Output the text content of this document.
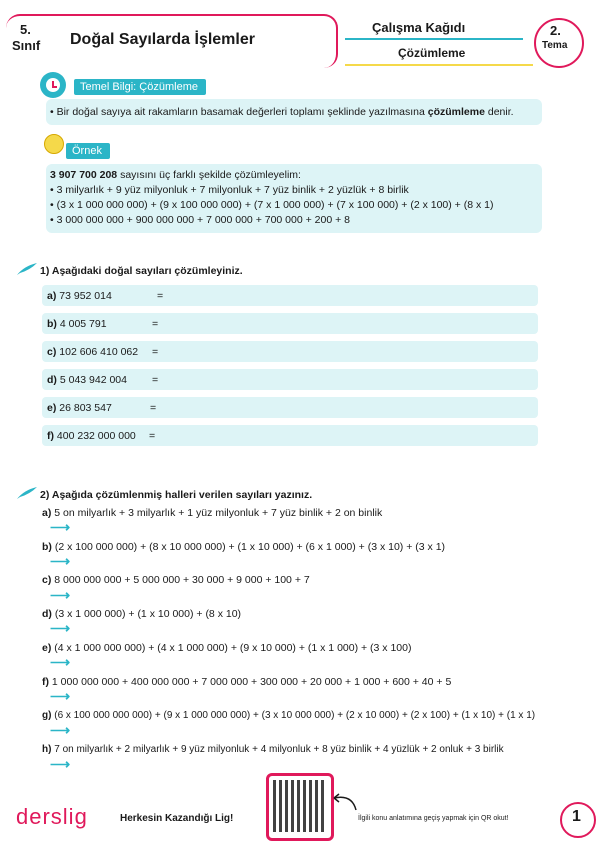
5.
Sınıf Doğal Sayılarda İşlemler
Çalışma Kağıdı
Çözümleme
2.
Tema
Temel Bilgi: Çözümleme
• Bir doğal sayıya ait rakamların basamak değerleri toplamı şeklinde yazılmasına çözümleme denir.
Örnek
3 907 700 208 sayısını üç farklı şekilde çözümleyelim:
• 3 milyarlık + 9 yüz milyonluk + 7 milyonluk + 7 yüz binlik + 2 yüzlük + 8 birlik
• (3 x 1 000 000 000) + (9 x 100 000 000) + (7 x 1 000 000) + (7 x 100 000) + (2 x 100) + (8 x 1)
• 3 000 000 000 + 900 000 000 + 7 000 000 + 700 000 + 200 + 8
1) Aşağıdaki doğal sayıları çözümleyiniz.
a) 73 952 014	=
b) 4 005 791	=
c) 102 606 410 062 =
d) 5 043 942 004 =
e) 26 803 547	=
f) 400 232 000 000 =
2) Aşağıda çözümlenmiş halleri verilen sayıları yazınız.
a) 5 on milyarlık + 3 milyarlık + 1 yüz milyonluk + 7 yüz binlik + 2 on binlik
⟶
b) (2 x 100 000 000) + (8 x 10 000 000) + (1 x 10 000) + (6 x 1 000) + (3 x 10) + (3 x 1)
⟶
c) 8 000 000 000 + 5 000 000 + 30 000 + 9 000 + 100 + 7
⟶
d) (3 x 1 000 000) + (1 x 10 000) + (8 x 10)
⟶
e) (4 x 1 000 000 000) + (4 x 1 000 000) + (9 x 10 000) + (1 x 1 000) + (3 x 100)
⟶
f) 1 000 000 000 + 400 000 000 + 7 000 000 + 300 000 + 20 000 + 1 000 + 600 + 40 + 5
⟶
g) (6 x 100 000 000 000) + (9 x 1 000 000 000) + (3 x 10 000 000) + (2 x 10 000) + (2 x 100) + (1 x 10) + (1 x 1)
⟶
h) 7 on milyarlık + 2 milyarlık + 9 yüz milyonluk + 4 milyonluk + 8 yüz binlik + 4 yüzlük + 2 onluk + 3 birlik
⟶
derslig	Herkesin Kazandığı Lig!	İlgili konu anlatımına geçiş yapmak için QR okut!	1
